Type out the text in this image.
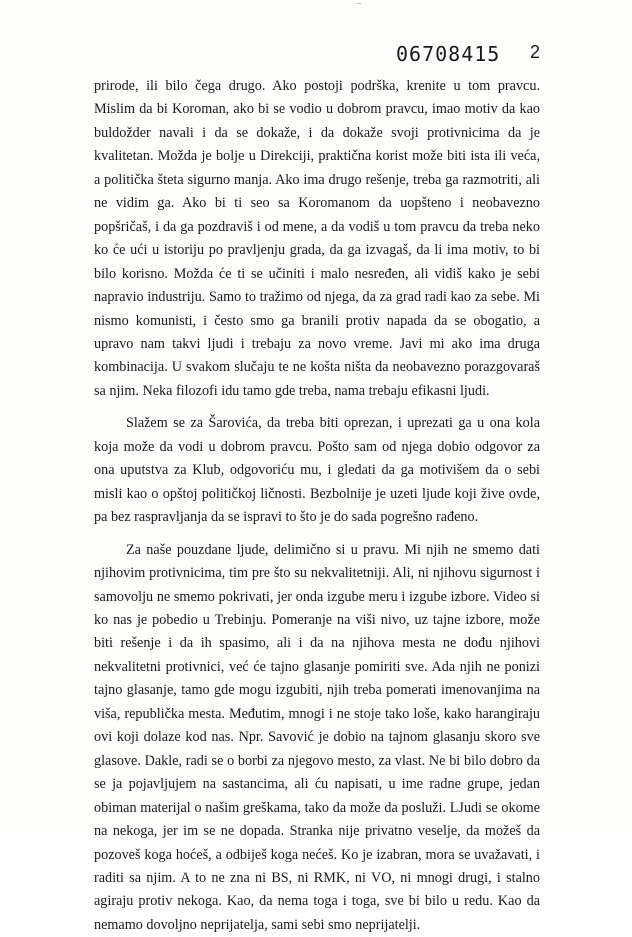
..
06708415 2

prirode, ili bilo čega drugo. Ako postoji podrška, krenite u tom pravcu. Mislim da bi Koroman, ako bi se vodio u dobrom pravcu, imao motiv da kao buldožder navali i da se dokaže, i da dokaže svoji protivnicima da je kvalitetan. Možda je bolje u Direkciji, praktična korist može biti ista ili veća, a politička šteta sigurno manja. Ako ima drugo rešenje, treba ga razmotriti, ali ne vidim ga. Ako bi ti seo sa Koromanom da uopšteno i neobavezno popšričaš, i da ga pozdraviš i od mene, a da vodiš u tom pravcu da treba neko ko će ući u istoriju po pravljenju grada, da ga izvagaš, da li ima motiv, to bi bilo korisno. Možda će ti se učiniti i malo nesređen, ali vidiš kako je sebi napravio industriju. Samo to tražimo od njega, da za grad radi kao za sebe. Mi nismo komunisti, i često smo ga branili protiv napada da se obogatio, a upravo nam takvi ljudi i trebaju za novo vreme. Javi mi ako ima druga kombinacija. U svakom slučaju te ne košta ništa da neobavezno porazgovaraš sa njim. Neka filozofi idu tamo gde treba, nama trebaju efikasni ljudi.

Slažem se za Šarovića, da treba biti oprezan, i uprezati ga u ona kola koja može da vodi u dobrom pravcu. Pošto sam od njega dobio odgovor za ona uputstva za Klub, odgovoriću mu, i gledati da ga motivišem da o sebi misli kao o opštoj političkoj ličnosti. Bezbolnije je uzeti ljude koji žive ovde, pa bez raspravljanja da se ispravi to što je do sada pogrešno rađeno.

Za naše pouzdane ljude, delimično si u pravu. Mi njih ne smemo dati njihovim protivnicima, tim pre što su nekvalitetniji. Ali, ni njihovu sigurnost i samovolju ne smemo pokrivati, jer onda izgube meru i izgube izbore. Video si ko nas je pobedio u Trebinju. Pomeranje na viši nivo, uz tajne izbore, može biti rešenje i da ih spasimo, ali i da na njihova mesta ne dođu njihovi nekvalitetni protivnici, već će tajno glasanje pomiriti sve. Ada njih ne ponizi tajno glasanje, tamo gde mogu izgubiti, njih treba pomerati imenovanjima na viša, republička mesta. Međutim, mnogi i ne stoje tako loše, kako harangiraju ovi koji dolaze kod nas. Npr. Savović je dobio na tajnom glasanju skoro sve glasove. Dakle, radi se o borbi za njegovo mesto, za vlast. Ne bi bilo dobro da se ja pojavljujem na sastancima, ali ću napisati, u ime radne grupe, jedan obiman materijal o našim greškama, tako da može da posluži. LJudi se okome na nekoga, jer im se ne dopada. Stranka nije privatno veselje, da možeš da pozoveš koga hoćeš, a odbiješ koga nećeš. Ko je izabran, mora se uvažavati, i raditi sa njim. A to ne zna ni BS, ni RMK, ni VO, ni mnogi drugi, i stalno agiraju protiv nekoga. Kao, da nema toga i toga, sve bi bilo u redu. Kao da nemamo dovoljno neprijatelja, sami sebi smo neprijatelji.
